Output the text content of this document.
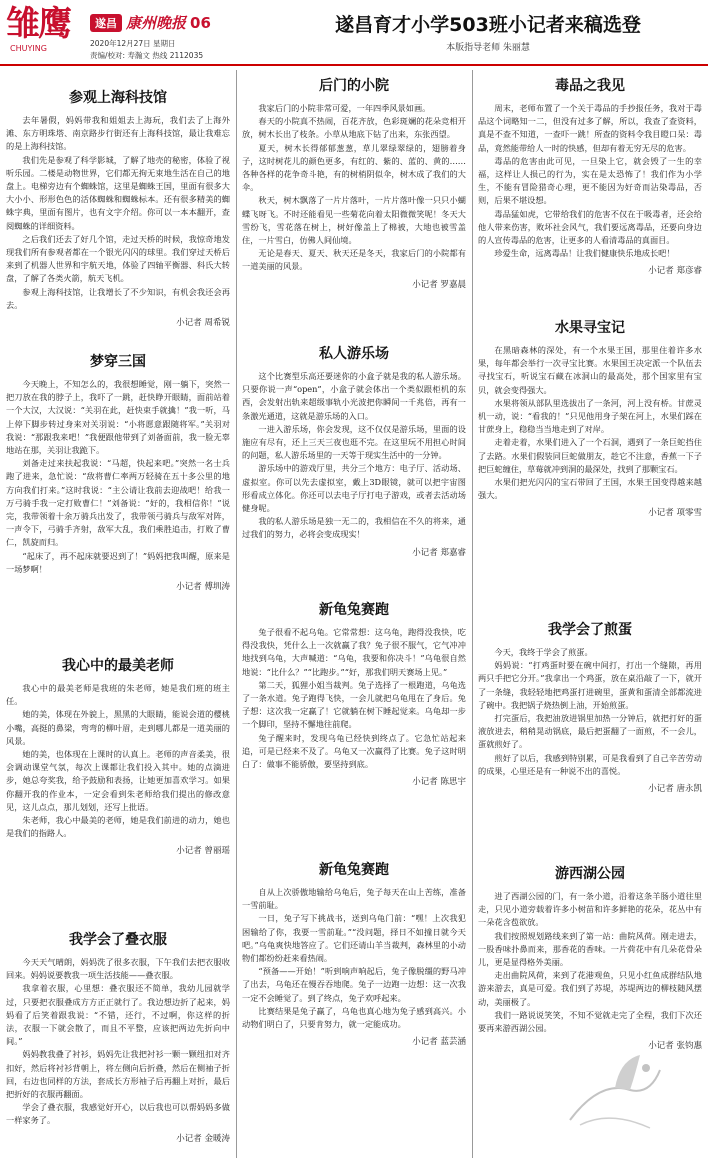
雏鹰
CHUYING
遂昌 康州晚报 06
2020年12月27日 星期日
责编/校对: 寿瀚文 热线 2112035
遂昌育才小学503班小记者来稿选登
本版指导老师 朱丽慧
参观上海科技馆

去年暑假，妈妈带我和姐姐去上海玩，我们去了上海外滩、东方明珠塔、南京路步行街还有上海科技馆，最让我难忘的是上海科技馆。

我们先是参观了科学影城，了解了地壳的秘密，体验了视听乐园。二楼是动物世界，它们都无拘无束地生活在自己的地盘上。电梯旁边有个蜘蛛馆，这里是蜘蛛王国，里面有很多大大小小、形形色色的活体蜘蛛和蜘蛛标本。还有很多精美的蜘蛛字典，里面有图片，也有文字介绍。你可以一本本翻开，查阅蜘蛛的详细资料。

之后我们还去了好几个馆，走过天桥的时候，我惊奇地发现我们所有参观者都在一个银光闪闪的球里。我们穿过天桥后来到了机器人世界和宇航天地，体验了四轴平衡器、科氏大转盘，了解了各类火箭，航天飞机。

参观上海科技馆，让我增长了不少知识，有机会我还会再去。

小记者 周希锐
梦穿三国

今天晚上，不知怎么的，我很想睡觉，刚一躺下，突然一把刀放在我的脖子上，我吓了一跳，赶快睁开眼睛，面前站着一个大汉，大汉说：“关羽在此，赶快束手就擒！”我一听，马上停下脚步转过身来对关羽说：“小将愿意跟随将军。”关羽对我说：“那跟我来吧！”我便跟他带到了刘备面前，我一脸无辜地站在那，关羽让我跪下。

刘备走过来扶起我说：“马超，快起来吧。”突然一名士兵跑了进来，急忙说：“敌将曹仁率两万轻骑在五十多公里的地方向我们打来。”这时我说：“主公请让我前去迎战吧！给我一万弓骑手我一定打败曹仁！”刘备说：“好的，我相信你！”说完，我带领着十余万骑兵出发了，我带领弓骑兵与敌军对阵，一声令下，弓骑手齐射，敌军大乱，我们乘胜追击，打败了曹仁，凯旋而归。

“起床了，再不起床就要迟到了！”妈妈把我叫醒，原来是一场梦啊！

小记者 傅圳涛
我心中的最美老师

我心中的最美老师是我班的朱老师，她是我们班的班主任。

她的美，体现在外貌上，黑黑的大眼睛，能说会道的樱桃小嘴，高挺的鼻梁，弯弯的柳叶眉，走到哪儿都是一道美丽的风景。

她的美，也体现在上课时的认真上。老师的声音柔美，很会调动课堂气氛，每次上课都让我们投入其中。她的点滴进步，她总夸奖我，给予鼓励和表扬，让她更加喜欢学习。如果你翻开我的作业本，一定会看到朱老师给我们提出的修改意见，这儿点点，那儿划划，还写上批语。

朱老师，我心中最美的老师，她是我们前进的动力，她也是我们的指路人。

小记者 曾丽瑶
我学会了叠衣服

今天天气晴朗，妈妈洗了很多衣服，下午我们去把衣服收回来。妈妈说要教我一项生活技能——叠衣服。

我拿着衣服，心里想：叠衣服还不简单，我幼儿园就学过，只要把衣服叠成方方正正就行了。我边想边折了起来，妈妈看了后笑着跟我说：“不错，还行，不过啊，你这样的折法，衣服一下就会散了，而且不平整，应该把两边先折向中间。”

妈妈教我叠了衬衫，妈妈先让我把衬衫一颗一颗纽扣对齐扣好，然后将衬衫背朝上，将左侧向后折叠，然后在侧袖子折回，右边也同样的方法，套成长方形袖子后再翻上对折，最后把折好的衣服再翻面。

学会了叠衣服，我感觉好开心，以后我也可以帮妈妈多做一样家务了。

小记者 金暖涛
后门的小院

我家后门的小院非常可爱，一年四季风景如画。

春天的小院真不热闹，百花齐放，色彩斑斓的花朵竞相开放，树木长出了枝条。小草从地底下钻了出来，东张西望。

夏天，树木长得郁郁葱葱，草儿翠绿翠绿的，翅膀着身子，这时树花儿的颜色更多，有红的、紫的、蓝的、黄的……各种各样的花争奇斗艳，有的树梢阴似伞，树木成了我们的大伞。

秋天，树木飘落了一片片落叶，一片片落叶像一只只小蝴蝶飞呀飞。不时还能看见一些菊花向着太阳微微笑呢！冬天大雪纷飞，雪花落在树上，树好像盖上了棉被，大地也被雪盖住，一片雪白，仿佛人间仙境。

无论是春天、夏天、秋天还是冬天，我家后门的小院都有一道美丽的风景。

小记者 罗嘉晨
私人游乐场

这个比赛型乐高还要迷你的小盒子就是我的私人游乐场。只要你说一声“open”，小盒子就会体出一个类似跟柜机的东西，会发射出轨来超级事轨小光波把你瞬间一千兆倍，再有一条激光通道，这就是游乐场的入口。

一进入游乐场，你会发现，这不仅仅是游乐场，里面的设施应有尽有，还上三天三夜也逛不完。在这里玩不用担心时间的问题，私人游乐场里的一天等于现实生活中的一分钟。

游乐场中的游戏厅里，共分三个地方：电子厅、活动场、虚拟室。你可以先去虚拟室，戴上3D眼镜，就可以把宇宙图形看成立体化。你还可以去电子厅打电子游戏，或者去活动场健身呢。

我的私人游乐场是独一无二的，我相信在不久的将来，通过我们的努力，必将会变成现实！

小记者 郑嘉睿
新龟兔赛跑

兔子很看不起乌龟。它常常想：这乌龟，跑得没我快，吃得没我快，凭什么上一次就赢了我？兔子很不服气，它气冲冲地找到乌龟，大声喊道：“乌龟，我要和你决斗！”乌龟很自然地说：“比什么？”“比跑步。”“好，那我们明天赛场上见。”

第二天，狐狸小姐当裁判。兔子选择了一根跑道，乌龟选了一条水道。兔子跑得飞快，一会儿就把乌龟甩在了身后。兔子想：这次我一定赢了！它就躺在树下睡起觉来。乌龟却一步一个脚印，坚持不懈地往前爬。

兔子醒来时，发现乌龟已经快到终点了。它急忙站起来追，可是已经来不及了。乌龟又一次赢得了比赛。兔子这时明白了：做事不能骄傲，要坚持到底。

小记者 陈思宇
新龟兔赛跑

自从上次骄傲地输给乌龟后，兔子每天在山上苦练，准备一雪前耻。

一日，兔子写下挑战书，送到乌龟门前：“嘿！上次我犯困输给了你，我要一雪前耻。”“没问题，择日不如撞日就今天吧。”乌龟爽快地答应了。它们还请山羊当裁判，森林里的小动物们都纷纷赶来看热闹。

“预备——开始！”听到响声响起后，兔子像脱缰的野马冲了出去，乌龟还在慢吞吞地爬。兔子一边跑一边想：这一次我一定不会睡觉了。到了终点，兔子欢呼起来。

比赛结果是兔子赢了，乌龟也真心地为兔子感到高兴。小动物们明白了，只要肯努力，就一定能成功。

小记者 蓝芸涵
毒品之我见

周末，老师布置了一个关于毒品的手抄报任务，我对于毒品这个词略知一二，但没有过多了解，所以，我查了查资料，真是不查不知道，一查吓一跳！所查的资料令我目瞪口呆：毒品，竟然能带给人一时的快感，但却有着无穷无尽的危害。

毒品的危害由此可见，一旦染上它，就会毁了一生的幸福，这样让人损己的行为，实在是太恐怖了！我们作为小学生，不能有冒险猎奇心理，更不能因为好奇而沾染毒品，否则，后果不堪设想。

毒品猛如虎，它带给我们的危害不仅在于吸毒者，还会给他人带来伤害，败坏社会风气，我们要远离毒品，还要向身边的人宣传毒品的危害，让更多的人看清毒品的真面目。

珍爱生命，远离毒品！让我们健康快乐地成长吧！

小记者 郑彦睿
水果寻宝记

在黑暗森林的深处，有一个水果王国，那里住着许多水果，每年都会举行一次寻宝比赛。水果国王决定派一个队伍去寻找宝石，听说宝石藏在冰洞山的最高处，那个国家里有宝贝，就会变得强大。

水果将领从部队里选拔出了一条河，河上没有桥。甘蔗灵机一动，说：“看我的！”只见他用身子架在河上，水果们踩在甘蔗身上，稳稳当当地走到了对岸。

走着走着，水果们进入了一个石洞，遇到了一条巨蛇挡住了去路。水果们假装同巨蛇做朋友，趁它不注意，香蕉一下子把巨蛇缠住，草莓就冲到洞的最深处，找到了那颗宝石。

水果们把光闪闪的宝石带回了王国，水果王国变得越来越强大。

小记者 项零雪
我学会了煎蛋

今天，我终于学会了煎蛋。

妈妈说：“打鸡蛋时要在碗中间打，打出一个缝隙，再用两只手把它分开。”我拿出一个鸡蛋，放在桌沿敲了一下，就开了一条缝，我轻轻地把鸡蛋打进碗里，蛋黄和蛋清全部都流进了碗中。我把锅子烧热倒上油，开始煎蛋。

打完蛋后，我把油放进锅里加热一分钟后，就把打好的蛋液放进去，稍稍晃动锅底，最后把蛋翻了一面煎，不一会儿，蛋就煎好了。

煎好了以后，我感到特别累，可是我看到了自己辛苦劳动的成果，心里还是有一种说不出的喜悦。

小记者 唐永凯
游西湖公园

进了西湖公园的门，有一条小道，沿着这条羊肠小道往里走，只见小道旁载着许多小树苗和许多鲜艳的花朵，花丛中有一朵花含苞欲放。

我们按照规划路线来到了第一站：曲院风荷。刚走进去，一股香味扑鼻而来，那香花的香味。一片荷花中有几朵花骨朵儿，更是显得格外美丽。

走出曲院风荷，来到了花港观鱼，只见小红鱼成群结队地游来游去，真是可爱。我们到了苏堤，苏堤两边的柳枝随风摆动，美丽极了。

我们一路说说笑笑，不知不觉就走完了全程，我们下次还要再来游西湖公园。

小记者 张钧惠
